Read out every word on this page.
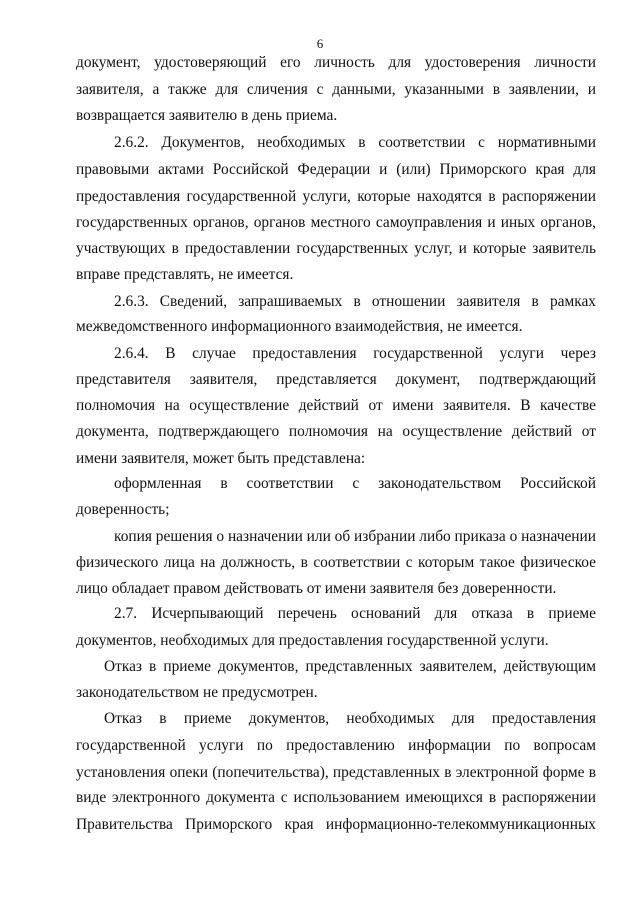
6
документ, удостоверяющий его личность для удостоверения личности
заявителя, а также для сличения с данными, указанными в заявлении, и
возвращается заявителю в день приема.
2.6.2. Документов, необходимых в соответствии с нормативными
правовыми актами Российской Федерации и (или) Приморского края для
предоставления государственной услуги, которые находятся в распоряжении
государственных органов, органов местного самоуправления и иных органов,
участвующих в предоставлении государственных услуг, и которые заявитель
вправе представлять, не имеется.
2.6.3. Сведений, запрашиваемых в отношении заявителя в рамках
межведомственного информационного взаимодействия, не имеется.
2.6.4. В случае предоставления государственной услуги через
представителя заявителя, представляется документ, подтверждающий
полномочия на осуществление действий от имени заявителя. В качестве
документа, подтверждающего полномочия на осуществление действий от
имени заявителя, может быть представлена:
оформленная в соответствии с законодательством Российской
доверенность;
копия решения о назначении или об избрании либо приказа о назначении
физического лица на должность, в соответствии с которым такое физическое
лицо обладает правом действовать от имени заявителя без доверенности.
2.7. Исчерпывающий перечень оснований для отказа в приеме
документов, необходимых для предоставления государственной услуги.
Отказ в приеме документов, представленных заявителем, действующим
законодательством не предусмотрен.
Отказ в приеме документов, необходимых для предоставления
государственной услуги по предоставлению информации по вопросам
установления опеки (попечительства), представленных в электронной форме в
виде электронного документа с использованием имеющихся в распоряжении
Правительства Приморского края информационно-телекоммуникационных
